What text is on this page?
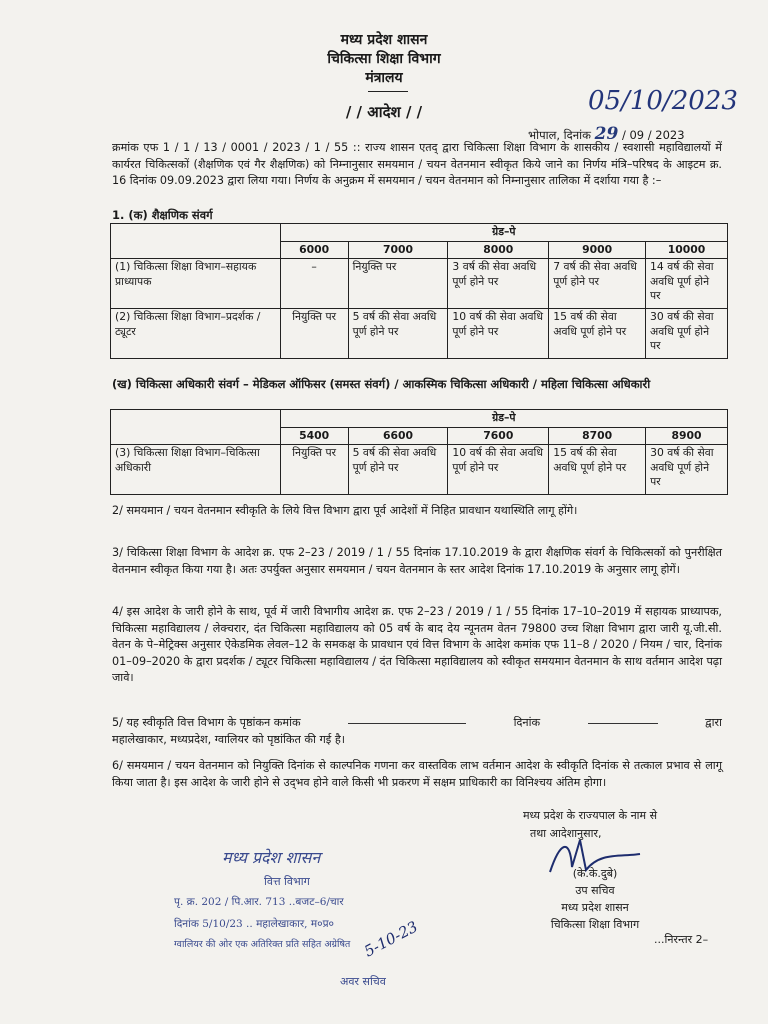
मध्य प्रदेश शासन
चिकित्सा शिक्षा विभाग
मंत्रालय
/ / आदेश / /	05/10/2023
भोपाल, दिनांक 29 / 09 / 2023
क्रमांक एफ 1 / 1 / 13 / 0001 / 2023 / 1 / 55 :: राज्य शासन एतद् द्वारा चिकित्सा शिक्षा विभाग के शासकीय / स्वशासी महाविद्यालयों में कार्यरत चिकित्सकों (शैक्षणिक एवं गैर शैक्षणिक) को निम्नानुसार समयमान / चयन वेतनमान स्वीकृत किये जाने का निर्णय मंत्रि–परिषद के आइटम क्र. 16 दिनांक 09.09.2023 द्वारा लिया गया। निर्णय के अनुक्रम में समयमान / चयन वेतनमान को निम्नानुसार तालिका में दर्शाया गया है :–
1. (क) शैक्षणिक संवर्ग
	ग्रेड–पे				
	6000	7000	8000	9000	10000
(1) चिकित्सा शिक्षा विभाग–सहायक प्राध्यापक	–	नियुक्ति पर	3 वर्ष की सेवा अवधि पूर्ण होने पर	7 वर्ष की सेवा अवधि पूर्ण होने पर	14 वर्ष की सेवा अवधि पूर्ण होने पर
(2) चिकित्सा शिक्षा विभाग–प्रदर्शक / ट्यूटर	नियुक्ति पर	5 वर्ष की सेवा अवधि पूर्ण होने पर	10 वर्ष की सेवा अवधि पूर्ण होने पर	15 वर्ष की सेवा अवधि पूर्ण होने पर	30 वर्ष की सेवा अवधि पूर्ण होने पर
(ख) चिकित्सा अधिकारी संवर्ग – मेडिकल ऑफिसर (समस्त संवर्ग) / आकस्मिक चिकित्सा अधिकारी / महिला चिकित्सा अधिकारी
	ग्रेड–पे				
	5400	6600	7600	8700	8900
(3) चिकित्सा शिक्षा विभाग–चिकित्सा अधिकारी	नियुक्ति पर	5 वर्ष की सेवा अवधि पूर्ण होने पर	10 वर्ष की सेवा अवधि पूर्ण होने पर	15 वर्ष की सेवा अवधि पूर्ण होने पर	30 वर्ष की सेवा अवधि पूर्ण होने पर
2/ समयमान / चयन वेतनमान स्वीकृति के लिये वित्त विभाग द्वारा पूर्व आदेशों में निहित प्रावधान यथास्थिति लागू होंगे।
3/ चिकित्सा शिक्षा विभाग के आदेश क्र. एफ 2–23 / 2019 / 1 / 55 दिनांक 17.10.2019 के द्वारा शैक्षणिक संवर्ग के चिकित्सकों को पुनरीक्षित वेतनमान स्वीकृत किया गया है। अतः उपर्युक्त अनुसार समयमान / चयन वेतनमान के स्तर आदेश दिनांक 17.10.2019 के अनुसार लागू होगें।
4/ इस आदेश के जारी होने के साथ, पूर्व में जारी विभागीय आदेश क्र. एफ 2–23 / 2019 / 1 / 55 दिनांक 17–10–2019 में सहायक प्राध्यापक, चिकित्सा महाविद्यालय / लेक्चरार, दंत चिकित्सा महाविद्यालय को 05 वर्ष के बाद देय न्यूनतम वेतन 79800 उच्च शिक्षा विभाग द्वारा जारी यू.जी.सी. वेतन के पे–मेट्रिक्स अनुसार ऐकेडमिक लेवल–12 के समकक्ष के प्रावधान एवं वित्त विभाग के आदेश कमांक एफ 11–8 / 2020 / नियम / चार, दिनांक 01–09–2020 के द्वारा प्रदर्शक / ट्यूटर चिकित्सा महाविद्यालय / दंत चिकित्सा महाविद्यालय को स्वीकृत समयमान वेतनमान के साथ वर्तमान आदेश पढ़ा जावे।
5/ यह स्वीकृति वित्त विभाग के पृष्ठांकन कमांक	दिनांक	द्वारा
महालेखाकार, मध्यप्रदेश, ग्वालियर को पृष्ठांकित की गई है।
6/ समयमान / चयन वेतनमान को नियुक्ति दिनांक से काल्पनिक गणना कर वास्तविक लाभ वर्तमान आदेश के स्वीकृति दिनांक से तत्काल प्रभाव से लागू किया जाता है। इस आदेश के जारी होने से उद्‌भव होने वाले किसी भी प्रकरण में सक्षम प्राधिकारी का विनिश्चय अंतिम होगा।
मध्य प्रदेश के राज्यपाल के नाम से
तथा आदेशानुसार,
(के.के.दुबे)
उप सचिव
मध्य प्रदेश शासन
चिकित्सा शिक्षा विभाग
मध्य प्रदेश शासन
वित्त विभाग
पृ. क्र. 202 / पि.आर. 713 ..बजट–6/चार
दिनांक 5/10/23 .. महालेखाकार, म०प्र०
ग्वालियर की ओर एक अतिरिक्त प्रति सहित अग्रेषित
अवर सचिव
5-10-23	...निरन्तर 2–
